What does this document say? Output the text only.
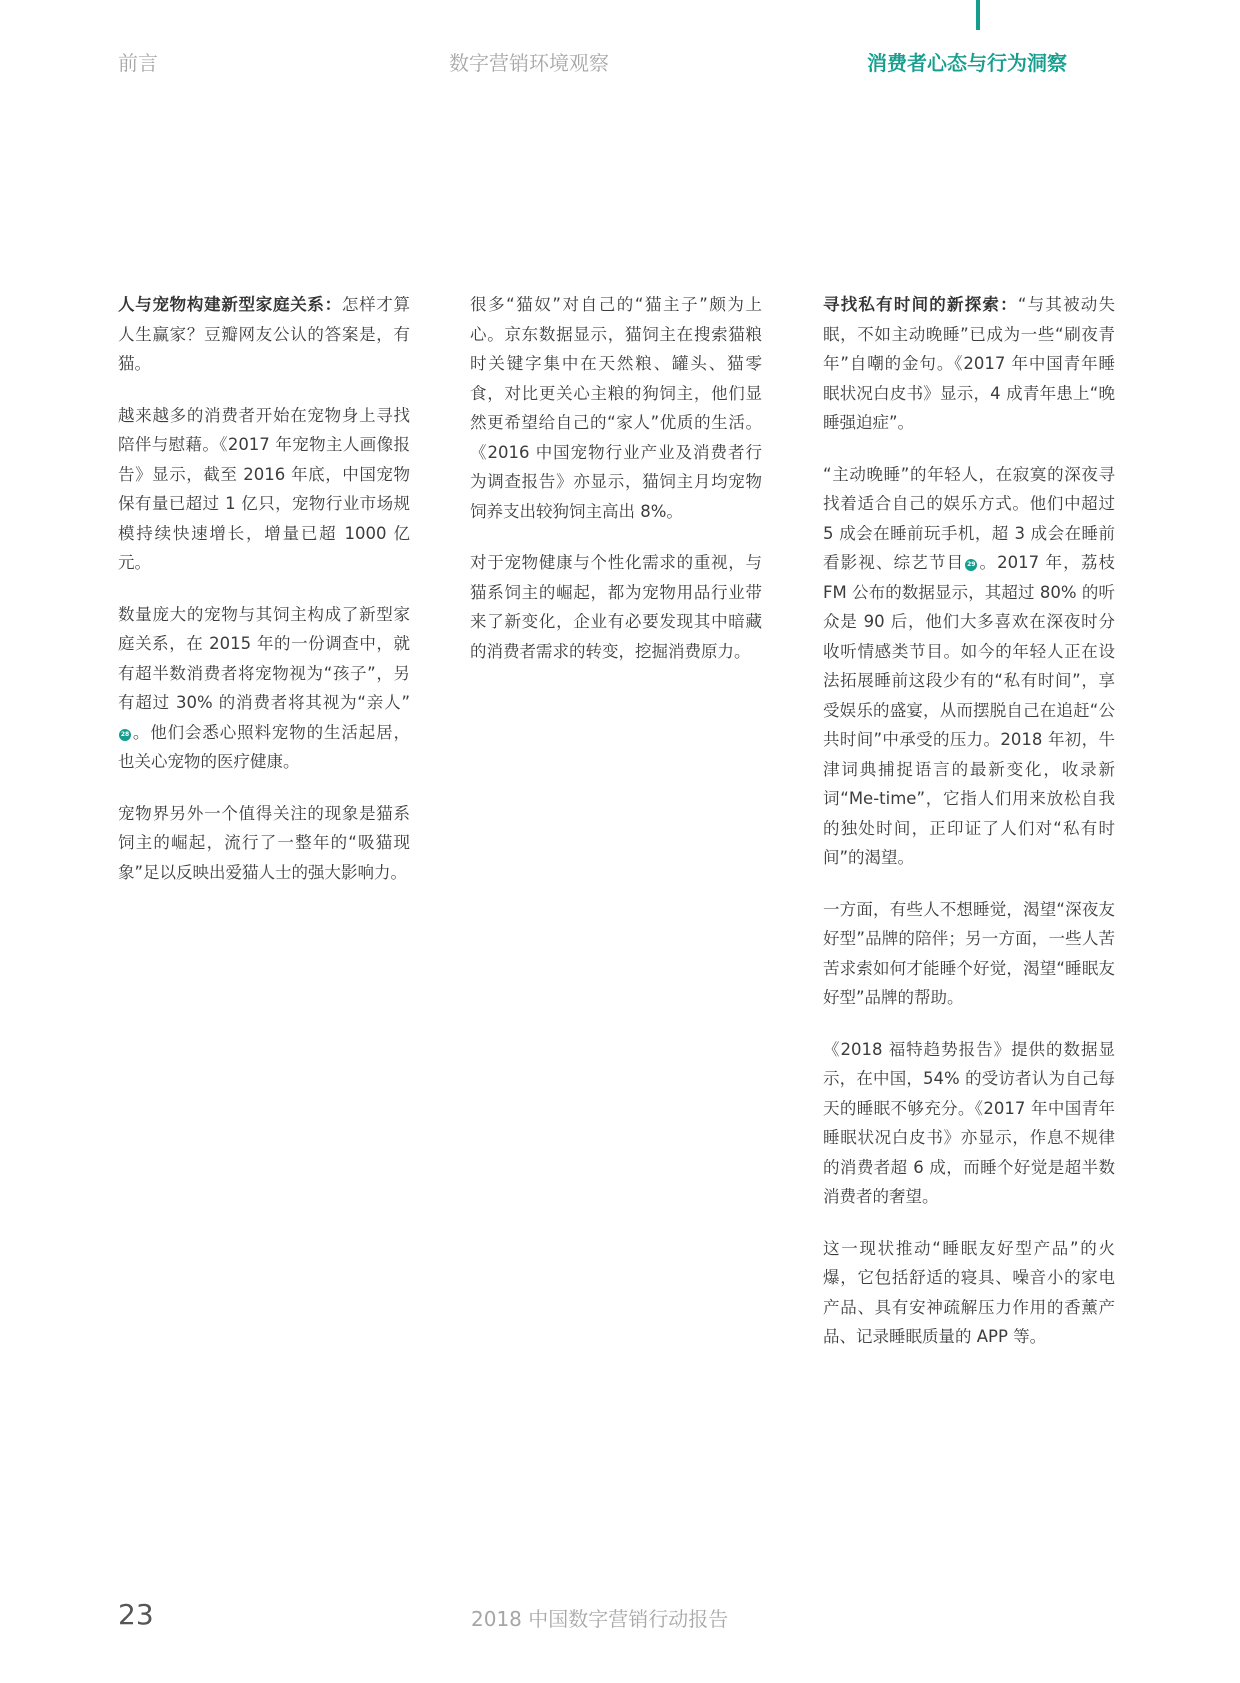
前言	数字营销环境观察	消费者心态与行为洞察

人与宠物构建新型家庭关系：怎样才算人生赢家？豆瓣网友公认的答案是，有猫。

越来越多的消费者开始在宠物身上寻找陪伴与慰藉。《2017 年宠物主人画像报告》显示，截至 2016 年底，中国宠物保有量已超过 1 亿只，宠物行业市场规模持续快速增长，增量已超 1000 亿元。

数量庞大的宠物与其饲主构成了新型家庭关系，在 2015 年的一份调查中，就有超半数消费者将宠物视为“孩子”，另有超过 30% 的消费者将其视为“亲人”28 。他们会悉心照料宠物的生活起居，也关心宠物的医疗健康。

宠物界另外一个值得关注的现象是猫系饲主的崛起，流行了一整年的“吸猫现象”足以反映出爱猫人士的强大影响力。

很多“猫奴”对自己的“猫主子”颇为上心。京东数据显示，猫饲主在搜索猫粮时关键字集中在天然粮、罐头、猫零食，对比更关心主粮的狗饲主，他们显然更希望给自己的“家人”优质的生活。《2016 中国宠物行业产业及消费者行为调查报告》亦显示，猫饲主月均宠物饲养支出较狗饲主高出 8%。

对于宠物健康与个性化需求的重视，与猫系饲主的崛起，都为宠物用品行业带来了新变化，企业有必要发现其中暗藏的消费者需求的转变，挖掘消费原力。

寻找私有时间的新探索：“与其被动失眠，不如主动晚睡”已成为一些“刷夜青年”自嘲的金句。《2017 年中国青年睡眠状况白皮书》显示，4 成青年患上“晚睡强迫症”。

“主动晚睡”的年轻人，在寂寞的深夜寻找着适合自己的娱乐方式。他们中超过 5 成会在睡前玩手机，超 3 成会在睡前看影视、综艺节目 29 。2017 年，荔枝 FM 公布的数据显示，其超过 80% 的听众是 90 后，他们大多喜欢在深夜时分收听情感类节目。如今的年轻人正在设法拓展睡前这段少有的“私有时间”，享受娱乐的盛宴，从而摆脱自己在追赶“公共时间”中承受的压力。2018 年初，牛津词典捕捉语言的最新变化，收录新词“Me-time”，它指人们用来放松自我的独处时间，正印证了人们对“私有时间”的渴望。

一方面，有些人不想睡觉，渴望“深夜友好型”品牌的陪伴；另一方面，一些人苦苦求索如何才能睡个好觉，渴望“睡眠友好型”品牌的帮助。

《2018 福特趋势报告》提供的数据显示，在中国，54% 的受访者认为自己每天的睡眠不够充分。《2017 年中国青年睡眠状况白皮书》亦显示，作息不规律的消费者超 6 成，而睡个好觉是超半数消费者的奢望。

这一现状推动“睡眠友好型产品”的火爆，它包括舒适的寝具、噪音小的家电产品、具有安神疏解压力作用的香薰产品、记录睡眠质量的 APP 等。

23	2018 中国数字营销行动报告
